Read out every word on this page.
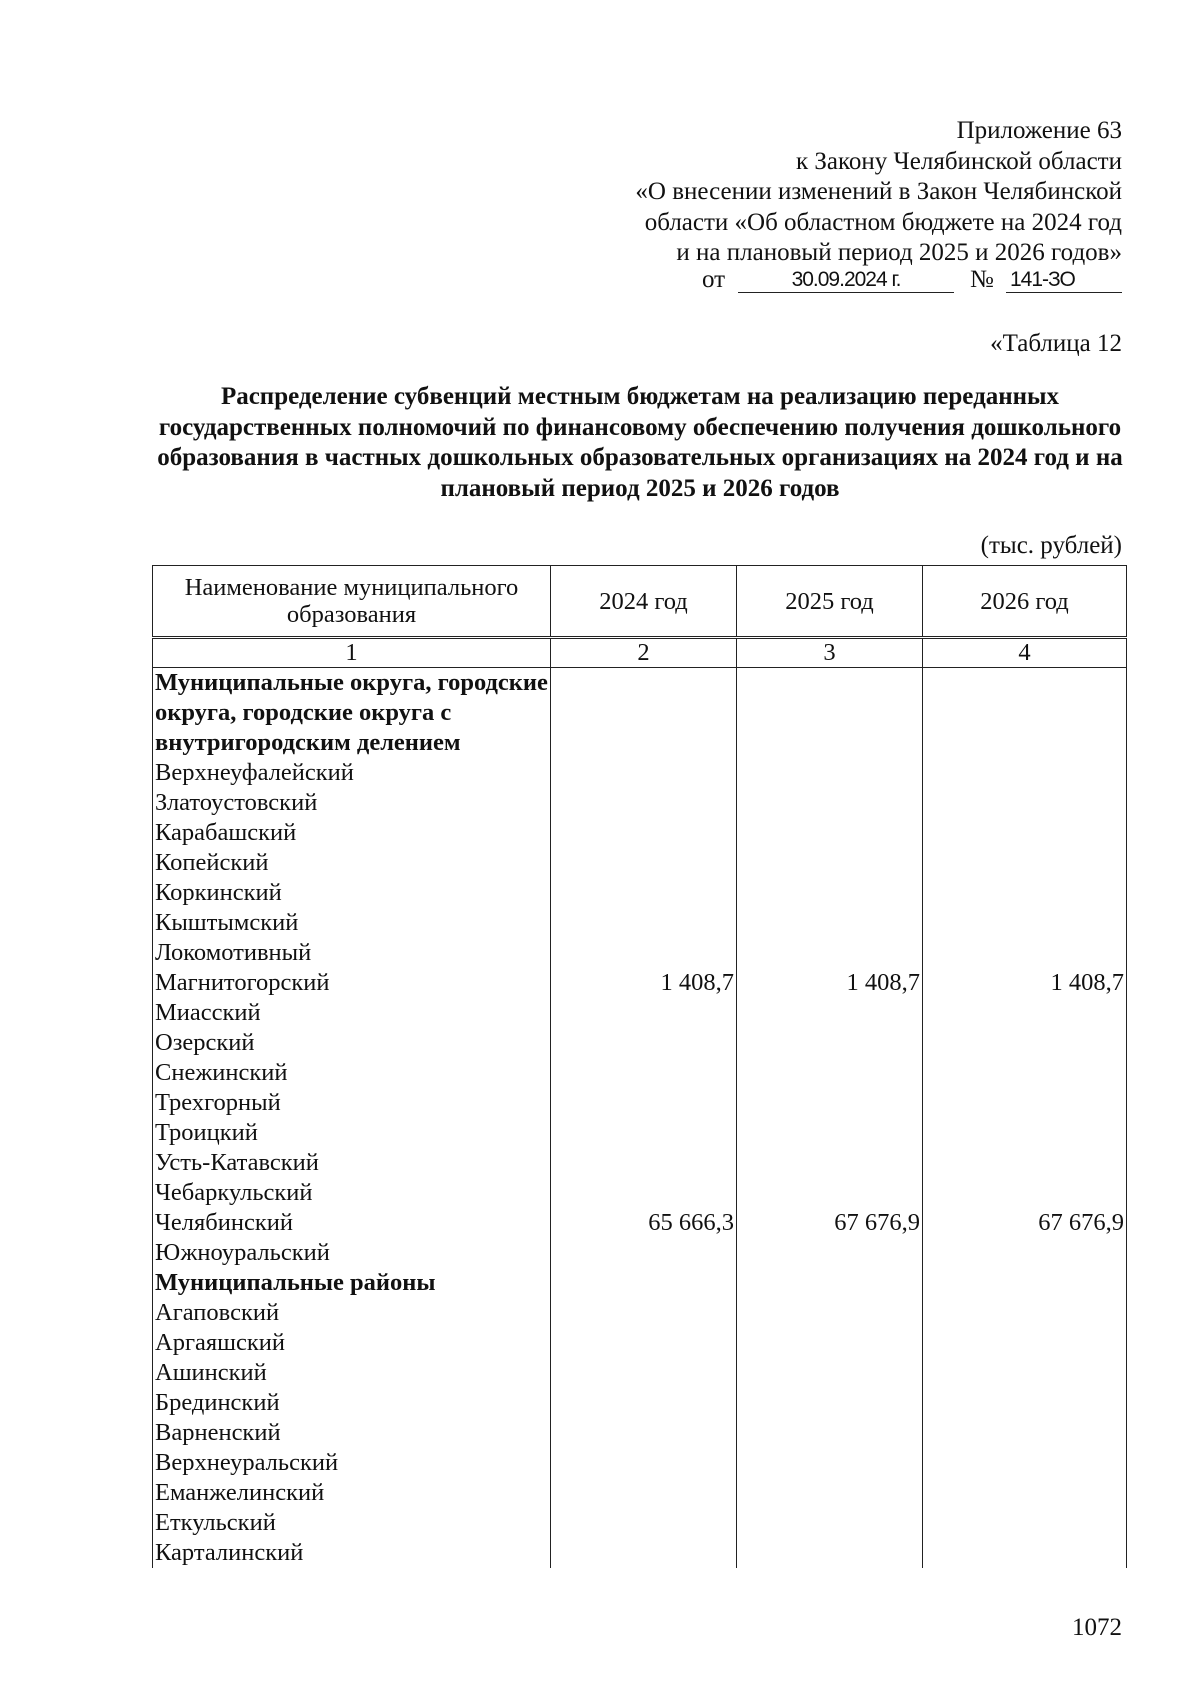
Приложение 63
к Закону Челябинской области
«О внесении изменений в Закон Челябинской
области «Об областном бюджете на 2024 год
и на плановый период 2025 и 2026 годов»
от	30.09.2024 г.	№ 141-ЗО
«Таблица 12
Распределение субвенций местным бюджетам на реализацию переданных государственных полномочий по финансовому обеспечению получения дошкольного образования в частных дошкольных образовательных организациях на 2024 год и на плановый период 2025 и 2026 годов
(тыс. рублей)
Наименование муниципального образования	2024 год	2025 год	2026 год
1	2	3	4
Муниципальные округа, городские округа, городские округа с внутригородским делением			
Верхнеуфалейский			
Златоустовский			
Карабашский			
Копейский			
Коркинский			
Кыштымский			
Локомотивный			
Магнитогорский	1 408,7	1 408,7	1 408,7
Миасский			
Озерский			
Снежинский			
Трехгорный			
Троицкий			
Усть-Катавский			
Чебаркульский			
Челябинский	65 666,3	67 676,9	67 676,9
Южноуральский			
Муниципальные районы			
Агаповский			
Аргаяшский			
Ашинский			
Брединский			
Варненский			
Верхнеуральский			
Еманжелинский			
Еткульский			
Карталинский			
1072
